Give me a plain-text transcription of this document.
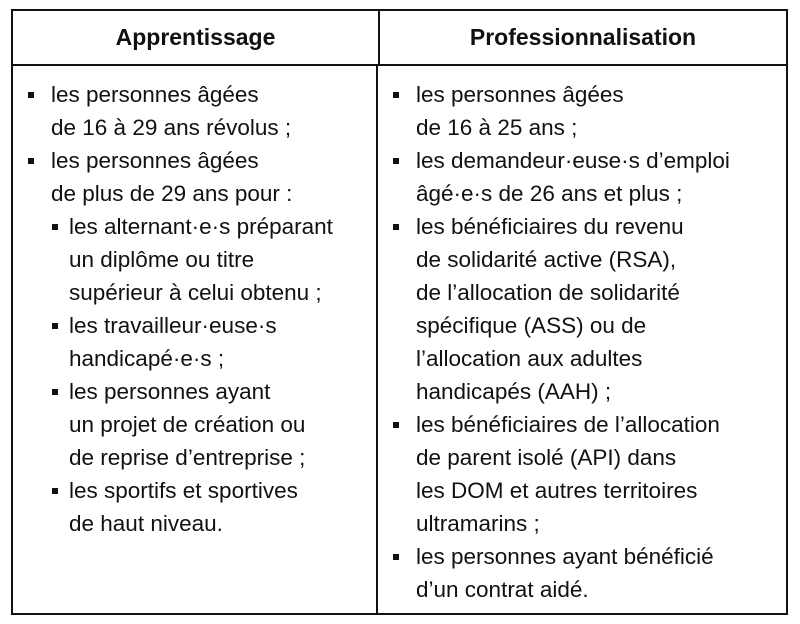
Apprentissage	Professionnalisation
les personnes âgées
de 16 à 29 ans révolus ;
les personnes âgées
de plus de 29 ans pour :
les alternant·e·s préparant
un diplôme ou titre
supérieur à celui obtenu ;
les travailleur·euse·s
handicapé·e·s ;
les personnes ayant
un projet de création ou
de reprise d’entreprise ;
les sportifs et sportives
de haut niveau.
les personnes âgées
de 16 à 25 ans ;
les demandeur·euse·s d’emploi
âgé·e·s de 26 ans et plus ;
les bénéficiaires du revenu
de solidarité active (RSA),
de l’allocation de solidarité
spécifique (ASS) ou de
l’allocation aux adultes
handicapés (AAH) ;
les bénéficiaires de l’allocation
de parent isolé (API) dans
les DOM et autres territoires
ultramarins ;
les personnes ayant bénéficié
d’un contrat aidé.
